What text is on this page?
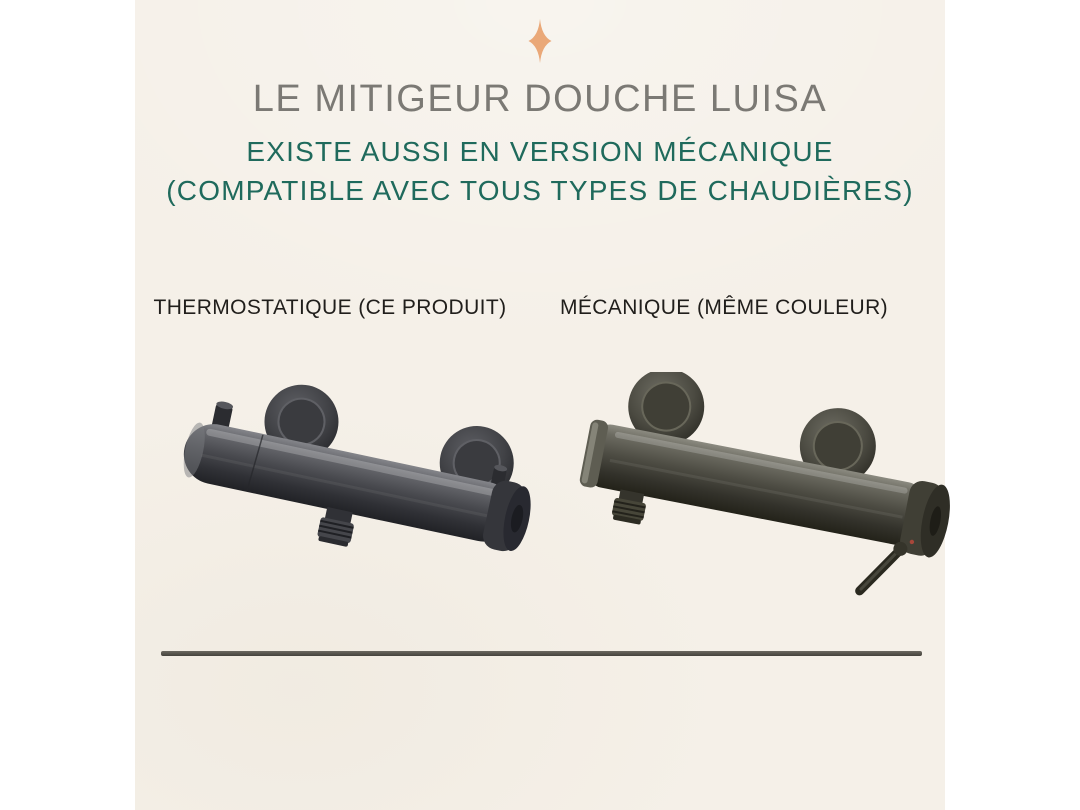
LE MITIGEUR DOUCHE LUISA
EXISTE AUSSI EN VERSION MÉCANIQUE
(COMPATIBLE AVEC TOUS TYPES DE CHAUDIÈRES)
THERMOSTATIQUE (CE PRODUIT)	MÉCANIQUE (MÊME COULEUR)
